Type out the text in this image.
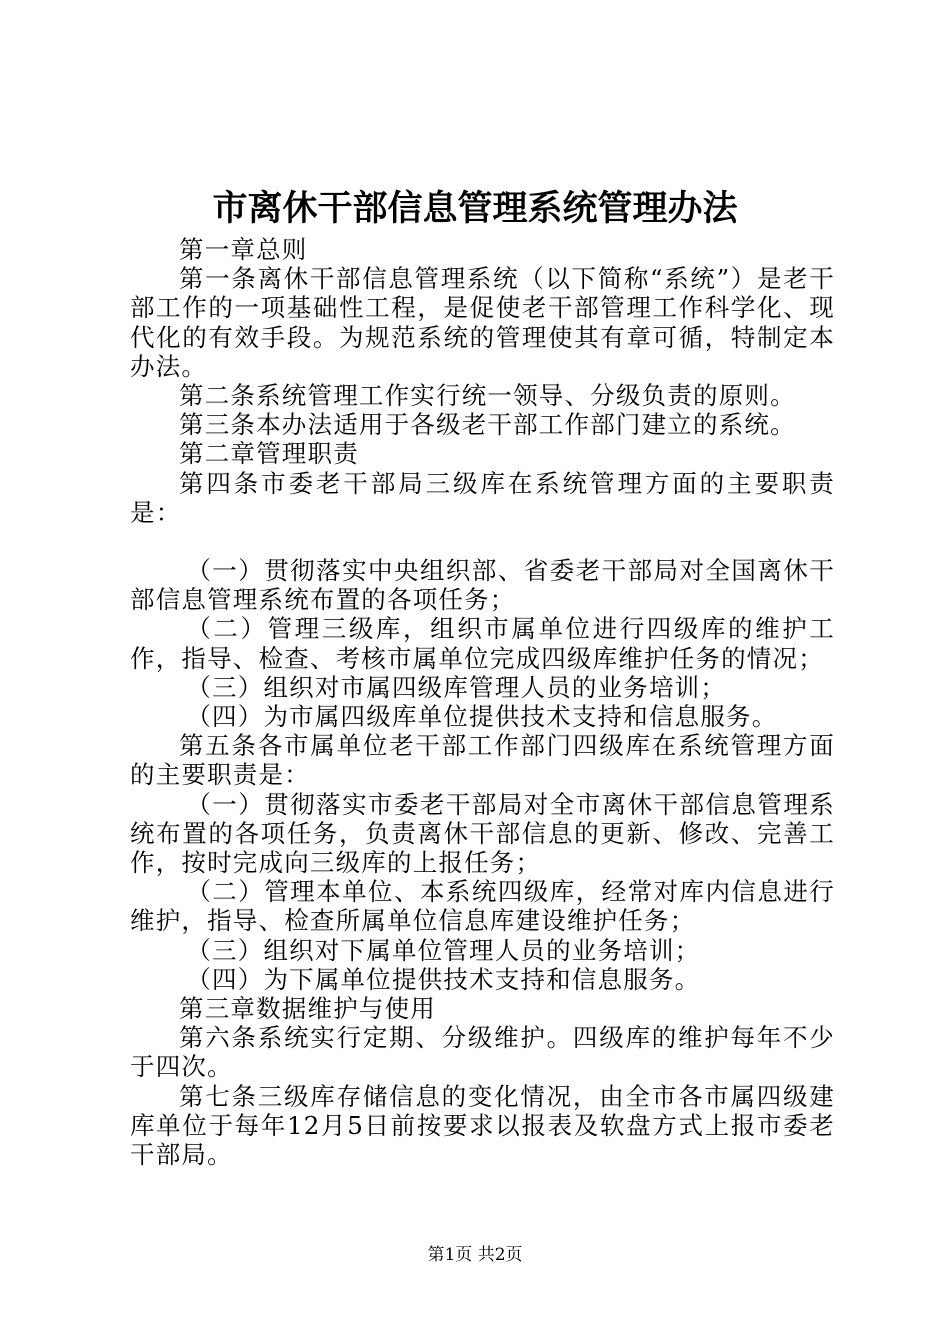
市离休干部信息管理系统管理办法

第一章总则

第一条离休干部信息管理系统（以下简称“系统”）是老干部工作的一项基础性工程，是促使老干部管理工作科学化、现代化的有效手段。为规范系统的管理使其有章可循，特制定本办法。

第二条系统管理工作实行统一领导、分级负责的原则。

第三条本办法适用于各级老干部工作部门建立的系统。

第二章管理职责

第四条市委老干部局三级库在系统管理方面的主要职责是：

（一）贯彻落实中央组织部、省委老干部局对全国离休干部信息管理系统布置的各项任务；

（二）管理三级库，组织市属单位进行四级库的维护工作，指导、检查、考核市属单位完成四级库维护任务的情况；

（三）组织对市属四级库管理人员的业务培训；

（四）为市属四级库单位提供技术支持和信息服务。

第五条各市属单位老干部工作部门四级库在系统管理方面的主要职责是：

（一）贯彻落实市委老干部局对全市离休干部信息管理系统布置的各项任务，负责离休干部信息的更新、修改、完善工作，按时完成向三级库的上报任务；

（二）管理本单位、本系统四级库，经常对库内信息进行维护，指导、检查所属单位信息库建设维护任务；

（三）组织对下属单位管理人员的业务培训；

（四）为下属单位提供技术支持和信息服务。

第三章数据维护与使用

第六条系统实行定期、分级维护。四级库的维护每年不少于四次。

第七条三级库存储信息的变化情况，由全市各市属四级建库单位于每年12月5日前按要求以报表及软盘方式上报市委老干部局。

第1页 共2页
